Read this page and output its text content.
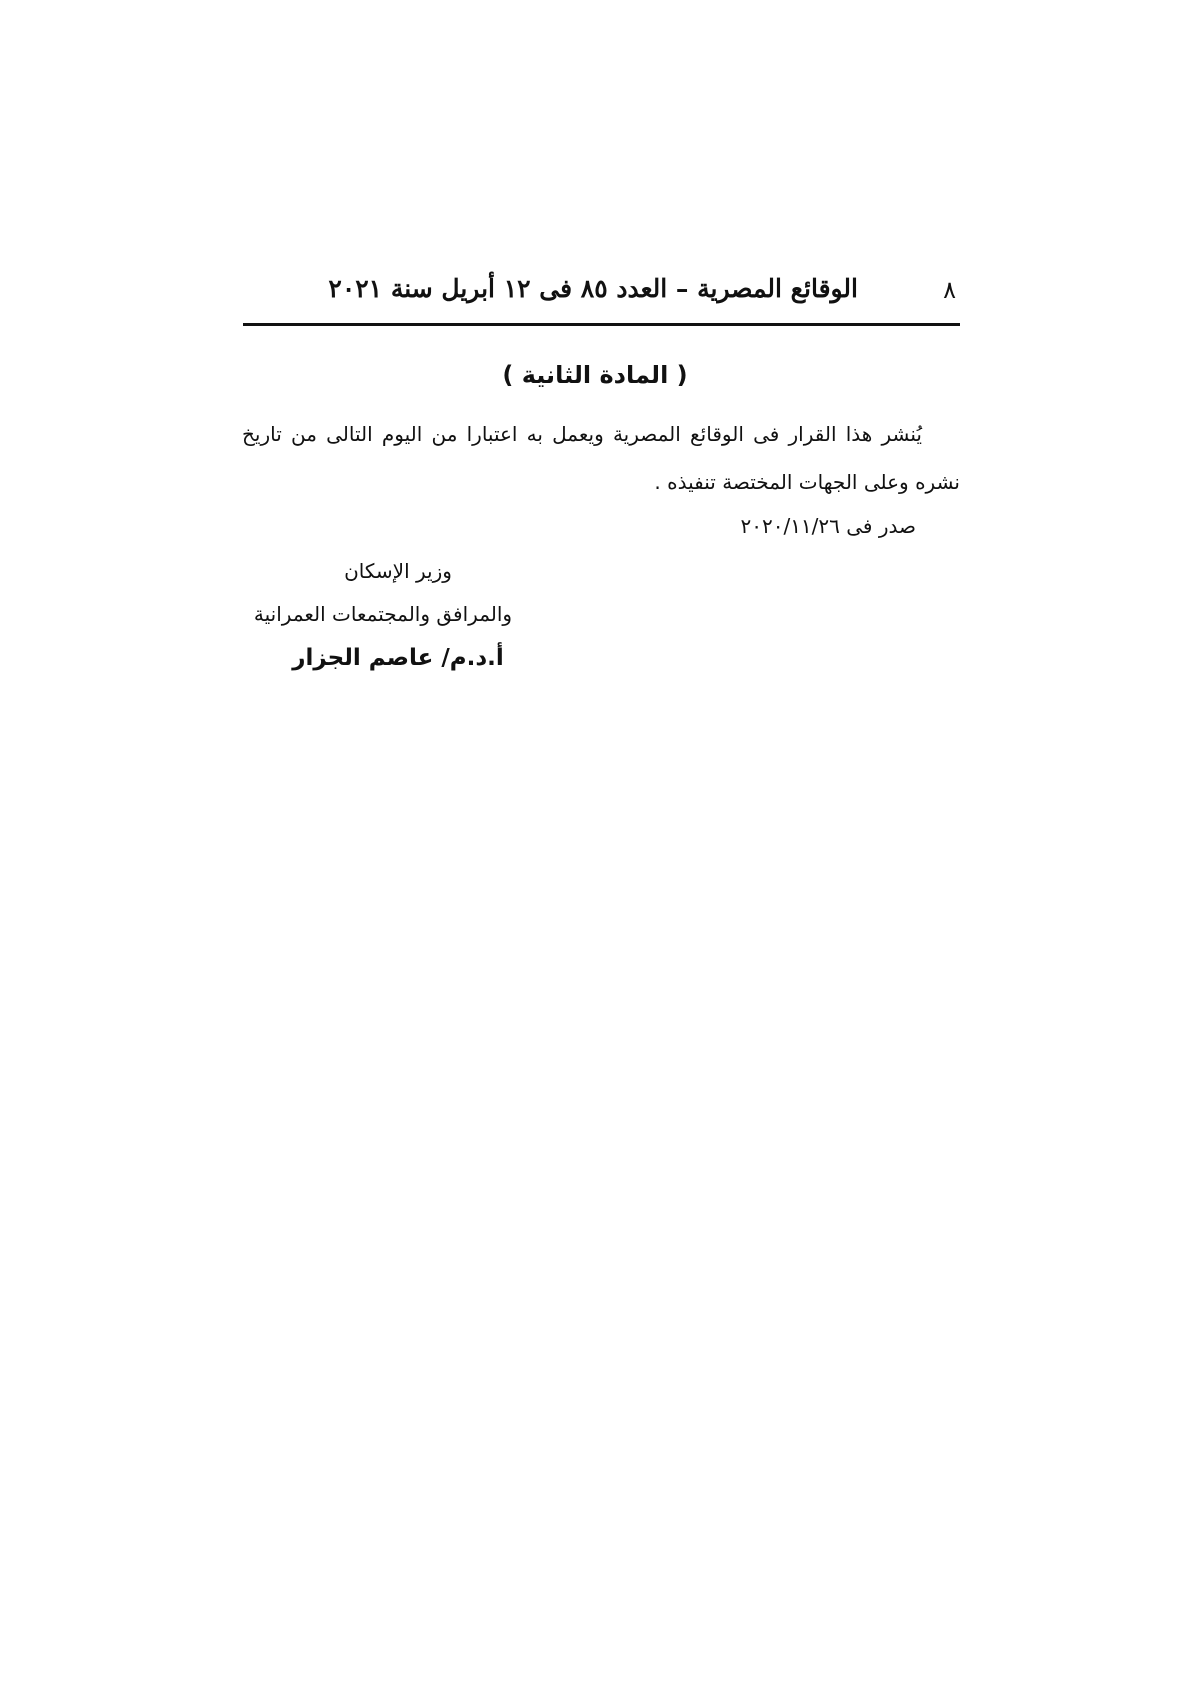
٨
الوقائع المصرية – العدد ٨٥ فى ١٢ أبريل سنة ٢٠٢١
( المادة الثانية )
يُنشر هذا القرار فى الوقائع المصرية ويعمل به اعتبارا من اليوم التالى من تاريخ نشره وعلى الجهات المختصة تنفيذه .
صدر فى ٢٠٢٠/١١/٢٦
وزير الإسكان
والمرافق والمجتمعات العمرانية
أ.د.م/ عاصم الجزار
